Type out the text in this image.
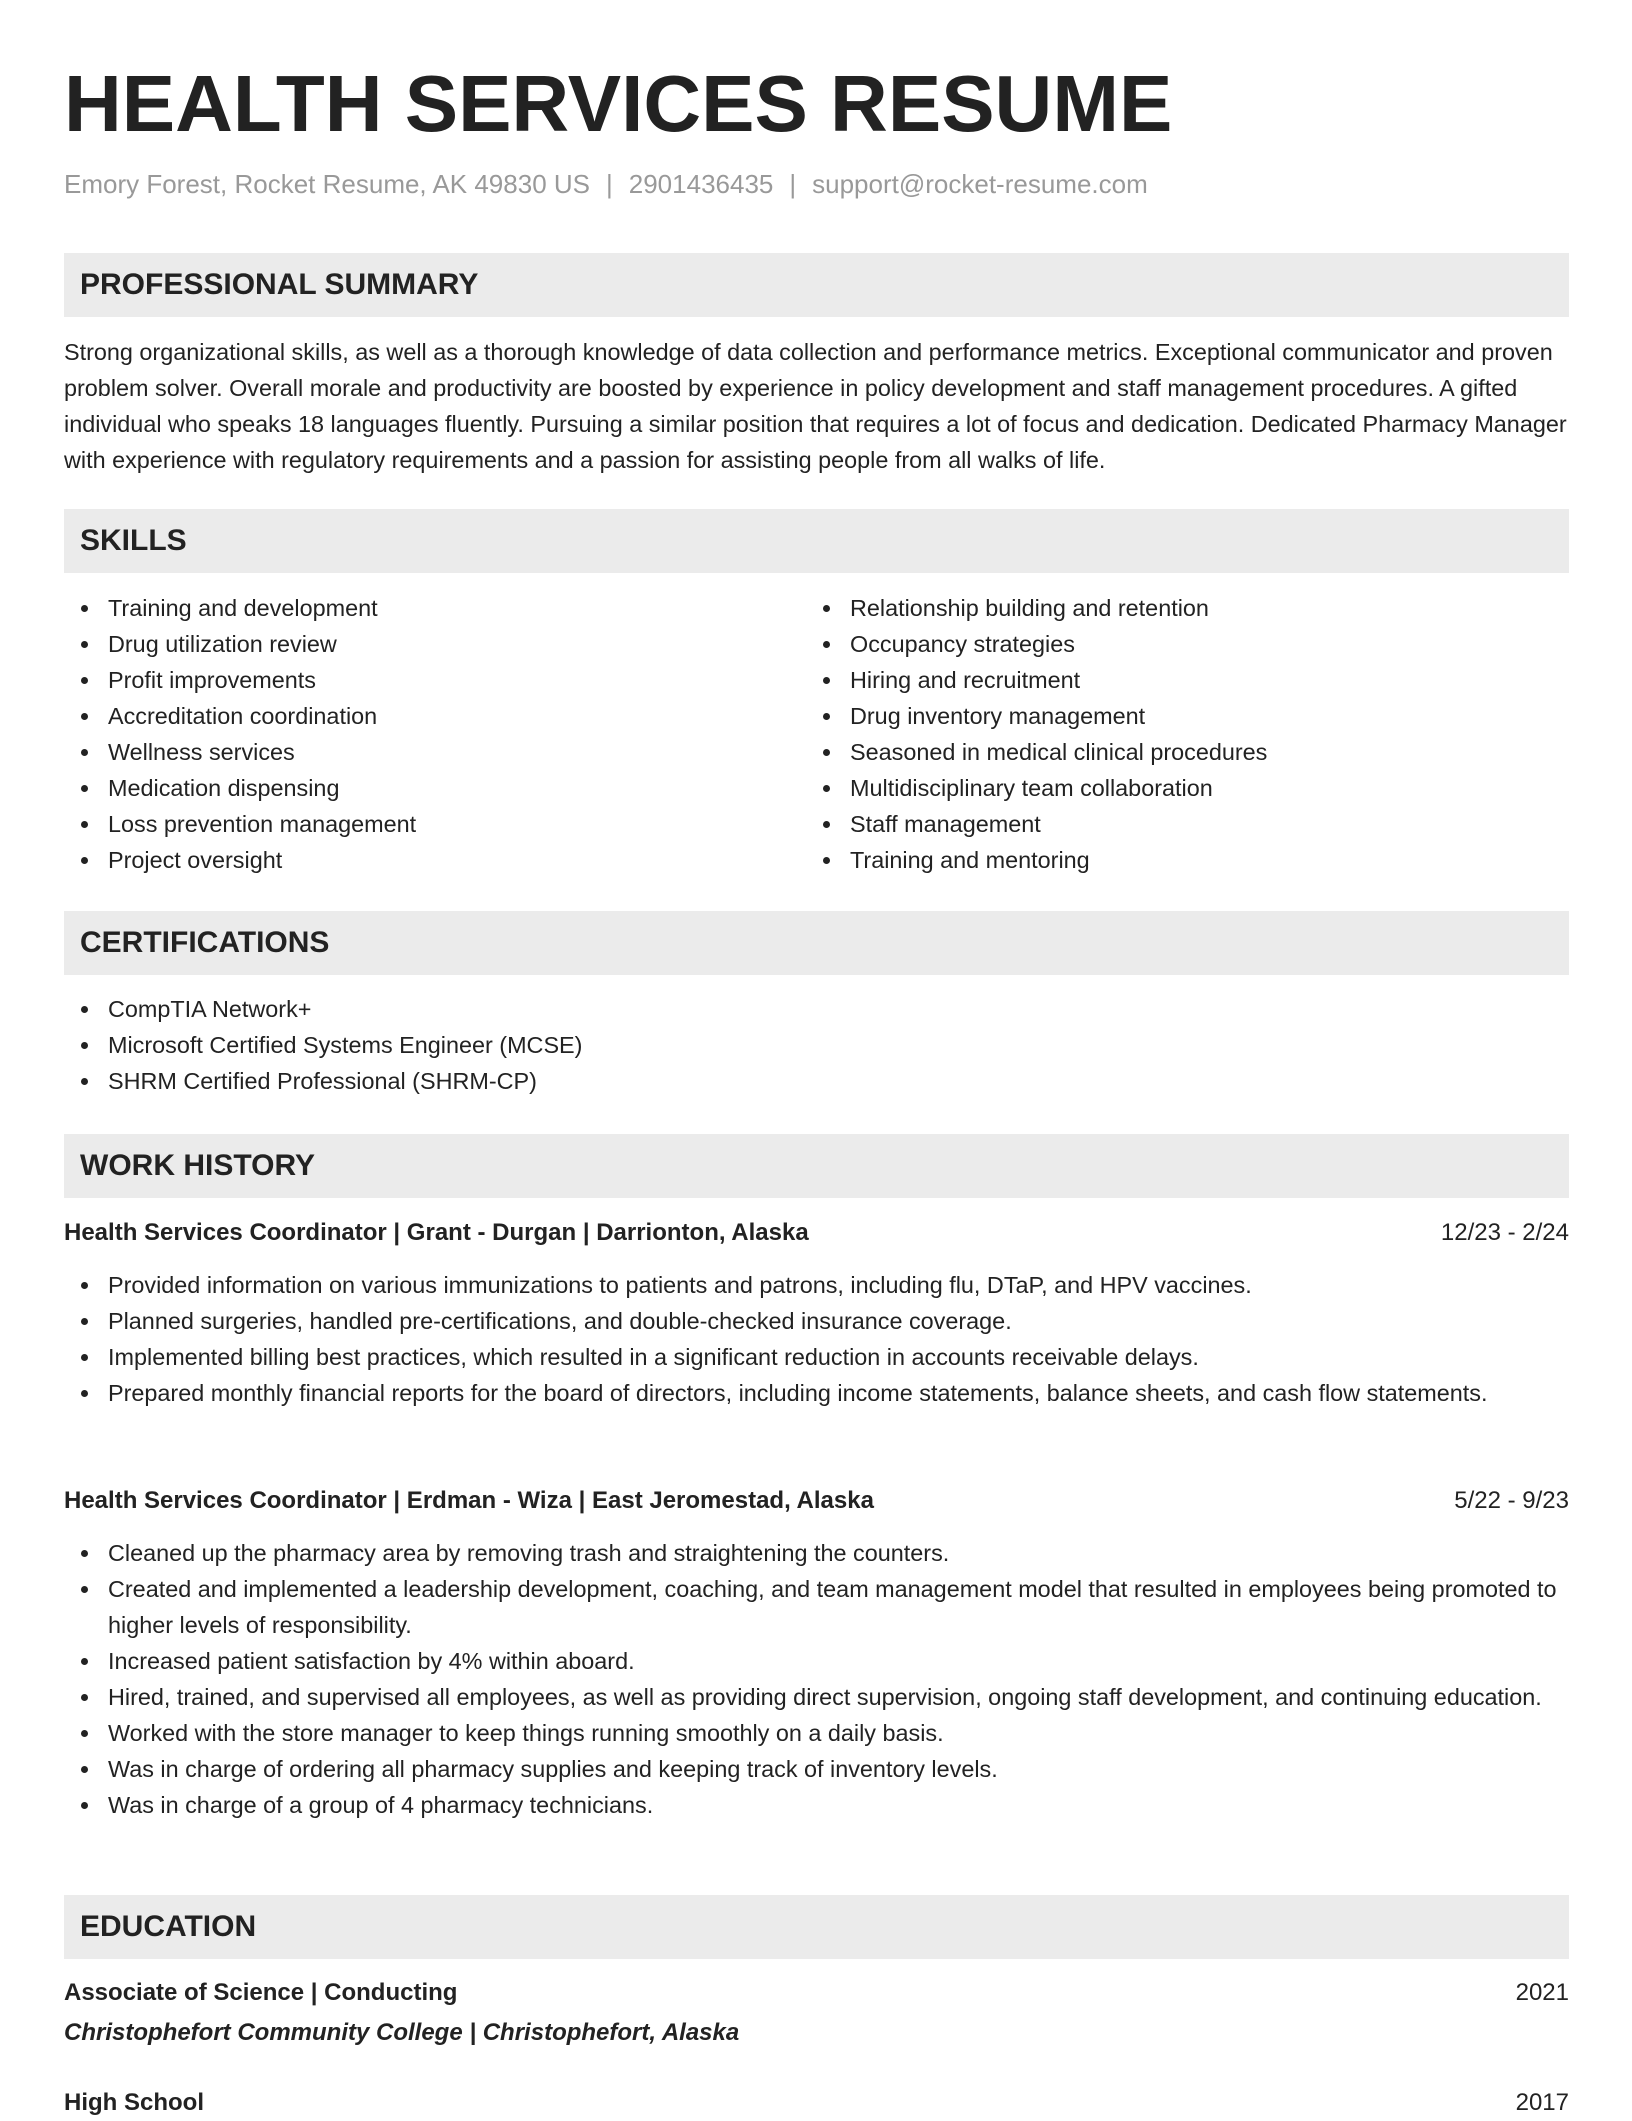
HEALTH SERVICES RESUME
Emory Forest, Rocket Resume, AK 49830 US | 2901436435 | support@rocket-resume.com
PROFESSIONAL SUMMARY

Strong organizational skills, as well as a thorough knowledge of data collection and performance metrics. Exceptional communicator and proven problem solver. Overall morale and productivity are boosted by experience in policy development and staff management procedures. A gifted individual who speaks 18 languages fluently. Pursuing a similar position that requires a lot of focus and dedication. Dedicated Pharmacy Manager with experience with regulatory requirements and a passion for assisting people from all walks of life.

SKILLS
Training and development
Drug utilization review
Profit improvements
Accreditation coordination
Wellness services
Medication dispensing
Loss prevention management
Project oversight
Relationship building and retention
Occupancy strategies
Hiring and recruitment
Drug inventory management
Seasoned in medical clinical procedures
Multidisciplinary team collaboration
Staff management
Training and mentoring
CERTIFICATIONS
CompTIA Network+
Microsoft Certified Systems Engineer (MCSE)
SHRM Certified Professional (SHRM-CP)
WORK HISTORY
Health Services Coordinator | Grant - Durgan | Darrionton, Alaska	12/23 - 2/24
Provided information on various immunizations to patients and patrons, including flu, DTaP, and HPV vaccines.
Planned surgeries, handled pre-certifications, and double-checked insurance coverage.
Implemented billing best practices, which resulted in a significant reduction in accounts receivable delays.
Prepared monthly financial reports for the board of directors, including income statements, balance sheets, and cash flow statements.
Health Services Coordinator | Erdman - Wiza | East Jeromestad, Alaska	5/22 - 9/23
Cleaned up the pharmacy area by removing trash and straightening the counters.
Created and implemented a leadership development, coaching, and team management model that resulted in employees being promoted to higher levels of responsibility.
Increased patient satisfaction by 4% within aboard.
Hired, trained, and supervised all employees, as well as providing direct supervision, ongoing staff development, and continuing education.
Worked with the store manager to keep things running smoothly on a daily basis.
Was in charge of ordering all pharmacy supplies and keeping track of inventory levels.
Was in charge of a group of 4 pharmacy technicians.
EDUCATION
Associate of Science | Conducting	2021
Christophefort Community College | Christophefort, Alaska
High School	2017
